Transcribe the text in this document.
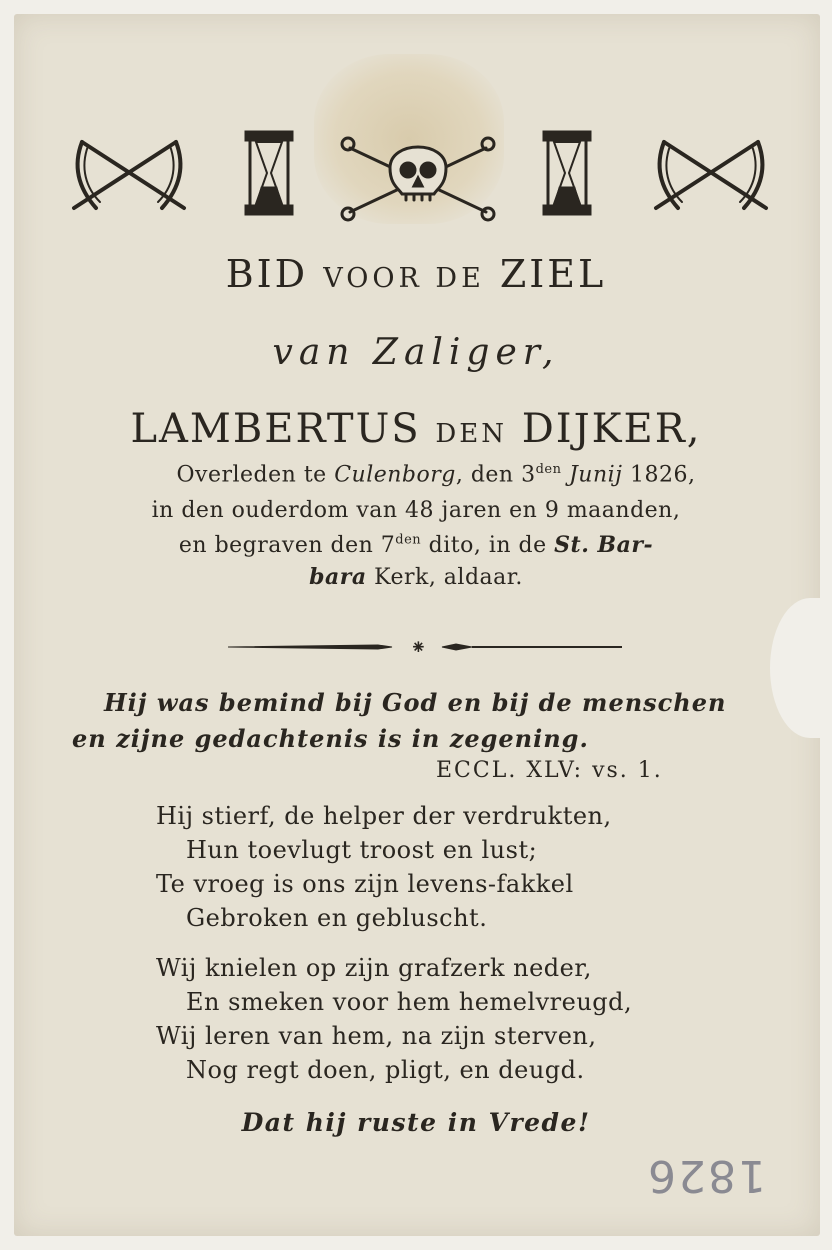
BID VOOR DE ZIEL
van Zaliger,
LAMBERTUS DEN DIJKER,
Overleden te Culenborg, den $3^{den}$ Junij 1826,
in den ouderdom van 48 jaren en 9 maanden,
en begraven den $7^{den}$ dito, in de St. Bar-
bara Kerk, aldaar.
⁕
Hij was bemind bij God en bij de menschen
en zijne gedachtenis is in zegening.
ECCL. XLV: vs. 1.
Hij stierf, de helper der verdrukten,
Hun toevlugt troost en lust;
Te vroeg is ons zijn levens-fakkel
Gebroken en gebluscht.
Wij knielen op zijn grafzerk neder,
En smeken voor hem hemelvreugd,
Wij leren van hem, na zijn sterven,
Nog regt doen, pligt, en deugd.
Dat hij ruste in Vrede!
1826
